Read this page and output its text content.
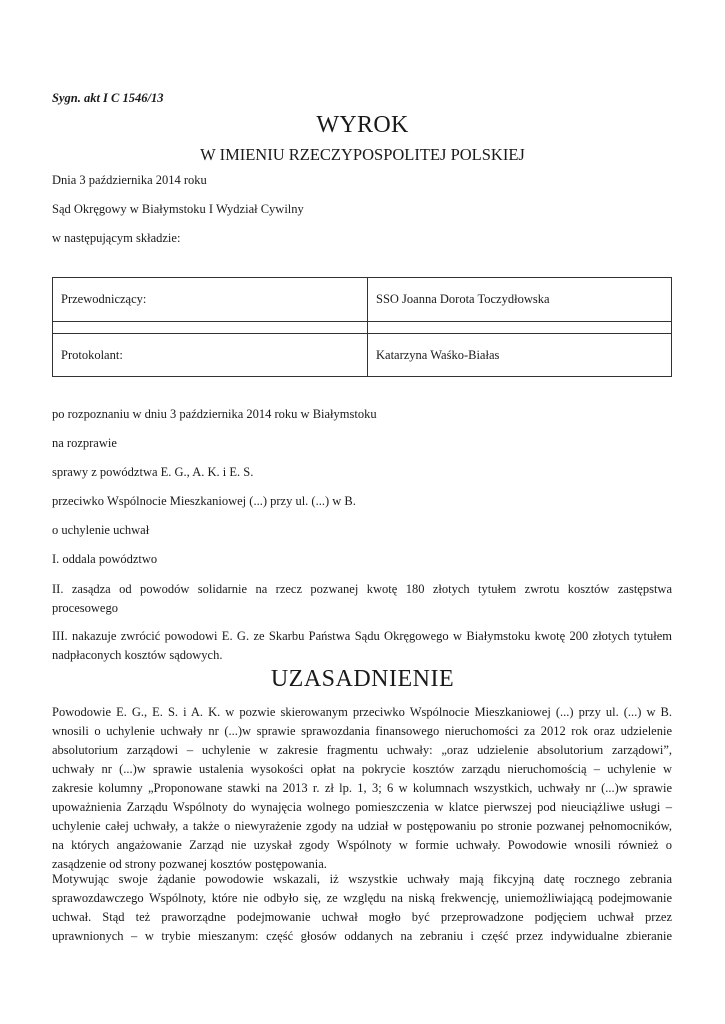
Sygn. akt I C 1546/13
WYROK
W IMIENIU RZECZYPOSPOLITEJ POLSKIEJ
Dnia 3 października 2014 roku
Sąd Okręgowy w Białymstoku I Wydział Cywilny
w następującym składzie:
Przewodniczący:	SSO Joanna Dorota Toczydłowska

Protokolant:	Katarzyna Waśko-Białas
po rozpoznaniu w dniu 3 października 2014 roku w Białymstoku
na rozprawie
sprawy z powództwa E. G., A. K. i E. S.
przeciwko Wspólnocie Mieszkaniowej (...) przy ul. (...) w B.
o uchylenie uchwał
I. oddala powództwo
II. zasądza od powodów solidarnie na rzecz pozwanej kwotę 180 złotych tytułem zwrotu kosztów zastępstwa
procesowego
III. nakazuje zwrócić powodowi E. G. ze Skarbu Państwa Sądu Okręgowego w Białymstoku kwotę 200 złotych tytułem
nadpłaconych kosztów sądowych.
UZASADNIENIE
Powodowie E. G., E. S. i A. K. w pozwie skierowanym przeciwko Wspólnocie Mieszkaniowej (...) przy ul. (...) w B.
wnosili o uchylenie uchwały nr (...)w sprawie sprawozdania finansowego nieruchomości za 2012 rok oraz udzielenie
absolutorium zarządowi – uchylenie w zakresie fragmentu uchwały: „oraz udzielenie absolutorium zarządowi”,
uchwały nr (...)w sprawie ustalenia wysokości opłat na pokrycie kosztów zarządu nieruchomością – uchylenie w
zakresie kolumny „Proponowane stawki na 2013 r. zł lp. 1, 3; 6 w kolumnach wszystkich, uchwały nr (...)w sprawie
upoważnienia Zarządu Wspólnoty do wynajęcia wolnego pomieszczenia w klatce pierwszej pod nieuciążliwe usługi –
uchylenie całej uchwały, a także o niewyrażenie zgody na udział w postępowaniu po stronie pozwanej pełnomocników,
na których angażowanie Zarząd nie uzyskał zgody Wspólnoty w formie uchwały. Powodowie wnosili również o
zasądzenie od strony pozwanej kosztów postępowania.
Motywując swoje żądanie powodowie wskazali, iż wszystkie uchwały mają fikcyjną datę rocznego zebrania
sprawozdawczego Wspólnoty, które nie odbyło się, ze względu na niską frekwencję, uniemożliwiającą podejmowanie
uchwał. Stąd też praworządne podejmowanie uchwał mogło być przeprowadzone podjęciem uchwał przez
uprawnionych – w trybie mieszanym: część głosów oddanych na zebraniu i część przez indywidualne zbieranie
